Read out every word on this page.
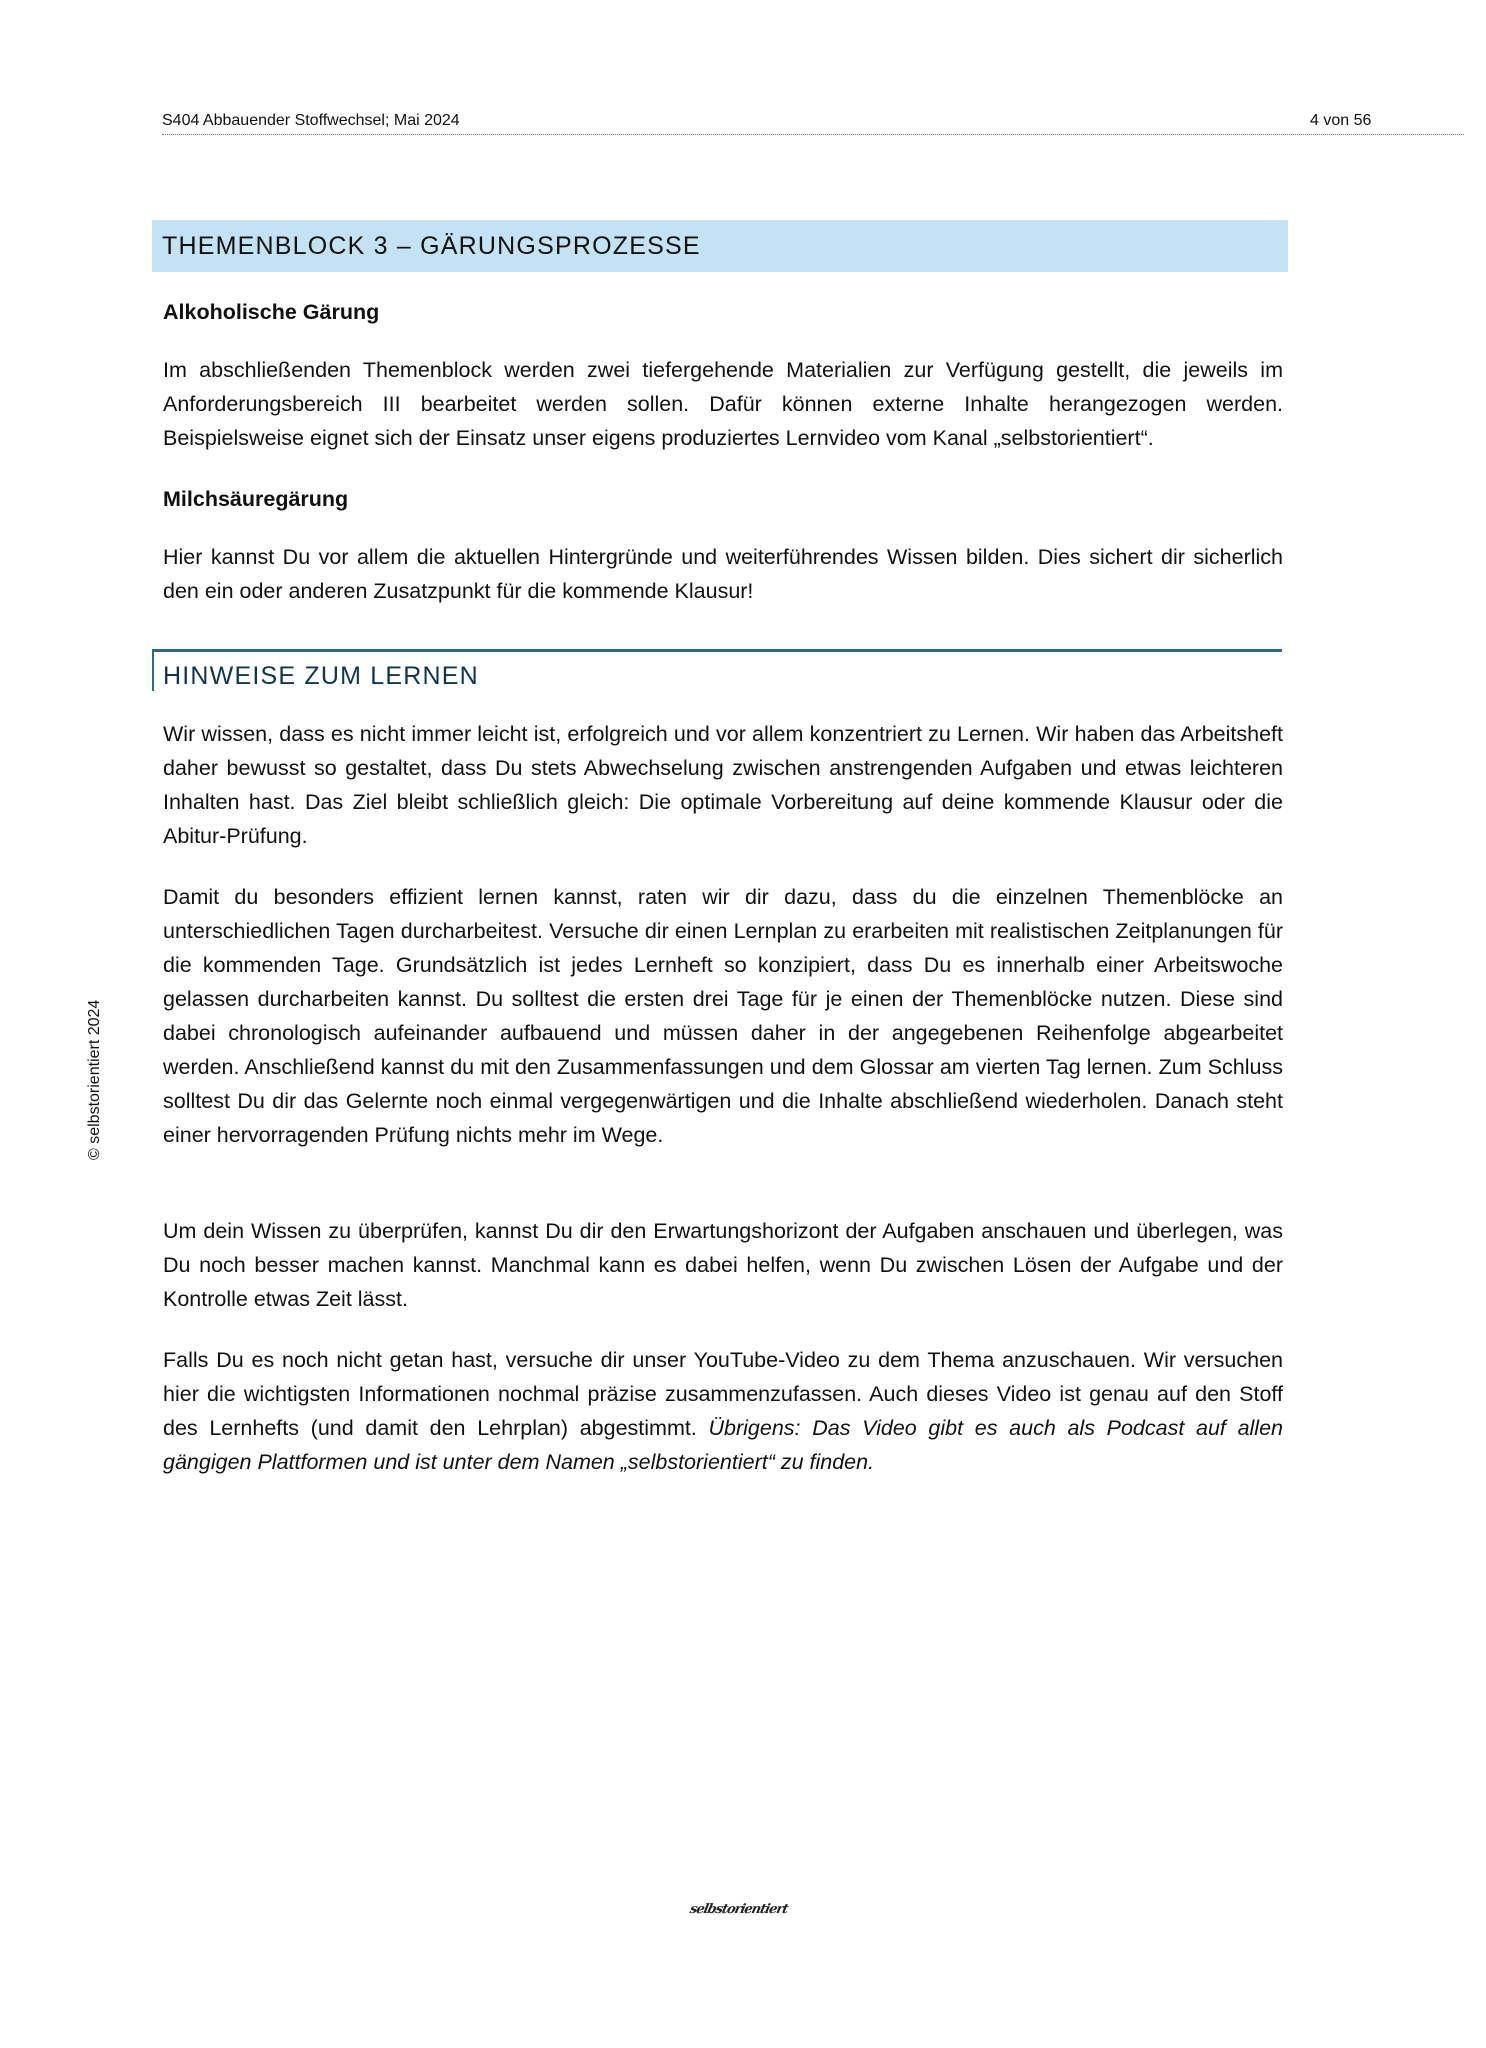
S404 Abbauender Stoffwechsel; Mai 2024	4 von 56
© selbstorientiert 2024
THEMENBLOCK 3 – GÄRUNGSPROZESSE
Alkoholische Gärung

Im abschließenden Themenblock werden zwei tiefergehende Materialien zur Verfügung gestellt, die jeweils im Anforderungsbereich III bearbeitet werden sollen. Dafür können externe Inhalte herangezogen werden. Beispielsweise eignet sich der Einsatz unser eigens produziertes Lernvideo vom Kanal „selbstorientiert“.

Milchsäuregärung

Hier kannst Du vor allem die aktuellen Hintergründe und weiterführendes Wissen bilden. Dies sichert dir sicherlich den ein oder anderen Zusatzpunkt für die kommende Klausur!

HINWEISE ZUM LERNEN

Wir wissen, dass es nicht immer leicht ist, erfolgreich und vor allem konzentriert zu Lernen. Wir haben das Arbeitsheft daher bewusst so gestaltet, dass Du stets Abwechselung zwischen anstrengenden Aufgaben und etwas leichteren Inhalten hast. Das Ziel bleibt schließlich gleich: Die optimale Vorbereitung auf deine kommende Klausur oder die Abitur-Prüfung.

Damit du besonders effizient lernen kannst, raten wir dir dazu, dass du die einzelnen Themenblöcke an unterschiedlichen Tagen durcharbeitest. Versuche dir einen Lernplan zu erarbeiten mit realistischen Zeitplanungen für die kommenden Tage. Grundsätzlich ist jedes Lernheft so konzipiert, dass Du es innerhalb einer Arbeitswoche gelassen durcharbeiten kannst. Du solltest die ersten drei Tage für je einen der Themenblöcke nutzen. Diese sind dabei chronologisch aufeinander aufbauend und müssen daher in der angegebenen Reihenfolge abgearbeitet werden. Anschließend kannst du mit den Zusammenfassungen und dem Glossar am vierten Tag lernen. Zum Schluss solltest Du dir das Gelernte noch einmal vergegenwärtigen und die Inhalte abschließend wiederholen. Danach steht einer hervorragenden Prüfung nichts mehr im Wege.

Um dein Wissen zu überprüfen, kannst Du dir den Erwartungshorizont der Aufgaben anschauen und überlegen, was Du noch besser machen kannst. Manchmal kann es dabei helfen, wenn Du zwischen Lösen der Aufgabe und der Kontrolle etwas Zeit lässt.

Falls Du es noch nicht getan hast, versuche dir unser YouTube-Video zu dem Thema anzuschauen. Wir versuchen hier die wichtigsten Informationen nochmal präzise zusammenzufassen. Auch dieses Video ist genau auf den Stoff des Lernhefts (und damit den Lehrplan) abgestimmt. Übrigens: Das Video gibt es auch als Podcast auf allen gängigen Plattformen und ist unter dem Namen „selbstorientiert“ zu finden.

selbstorientiert
